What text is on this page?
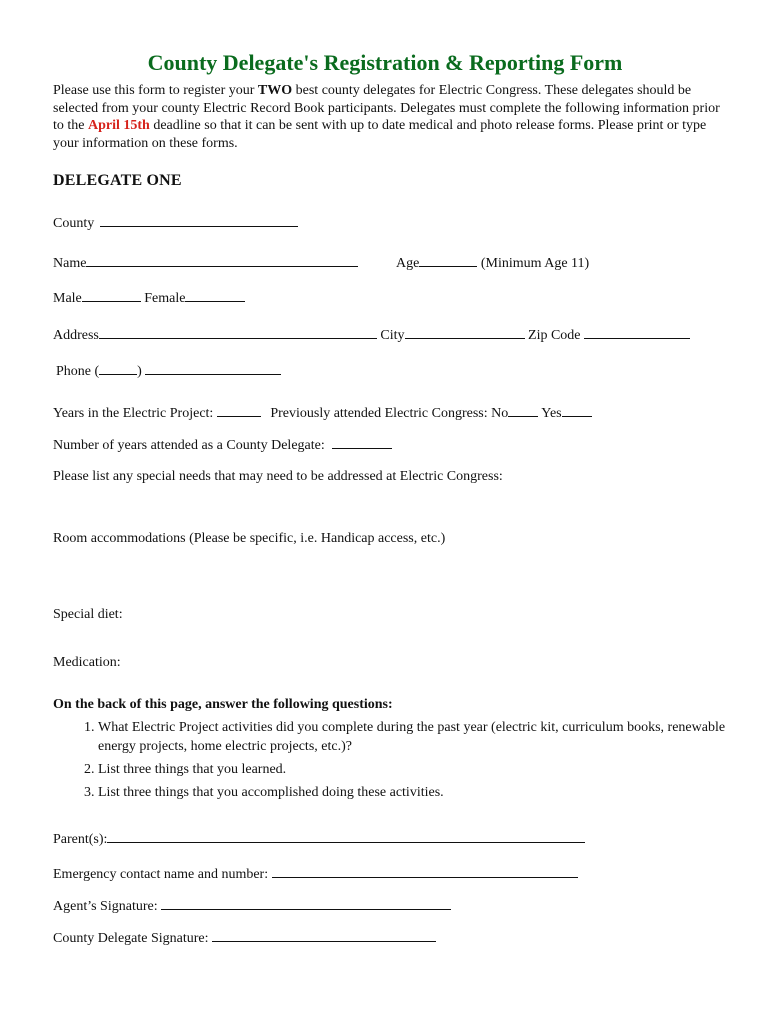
County Delegate's Registration & Reporting Form
Please use this form to register your TWO best county delegates for Electric Congress. These delegates should be selected from your county Electric Record Book participants. Delegates must complete the following information prior to the April 15th deadline so that it can be sent with up to date medical and photo release forms. Please print or type your information on these forms.
DELEGATE ONE
County
Name	Age	(Minimum Age 11)
Male	Female
Address	City	Zip Code
Phone (	)
Years in the Electric Project:	Previously attended Electric Congress: No Yes
Number of years attended as a County Delegate:
Please list any special needs that may need to be addressed at Electric Congress:
Room accommodations (Please be specific, i.e. Handicap access, etc.)
Special diet:
Medication:
On the back of this page, answer the following questions:
1. What Electric Project activities did you complete during the past year (electric kit, curriculum books, renewable energy projects, home electric projects, etc.)?
2. List three things that you learned.
3. List three things that you accomplished doing these activities.
Parent(s):
Emergency contact name and number:
Agent’s Signature:
County Delegate Signature:
